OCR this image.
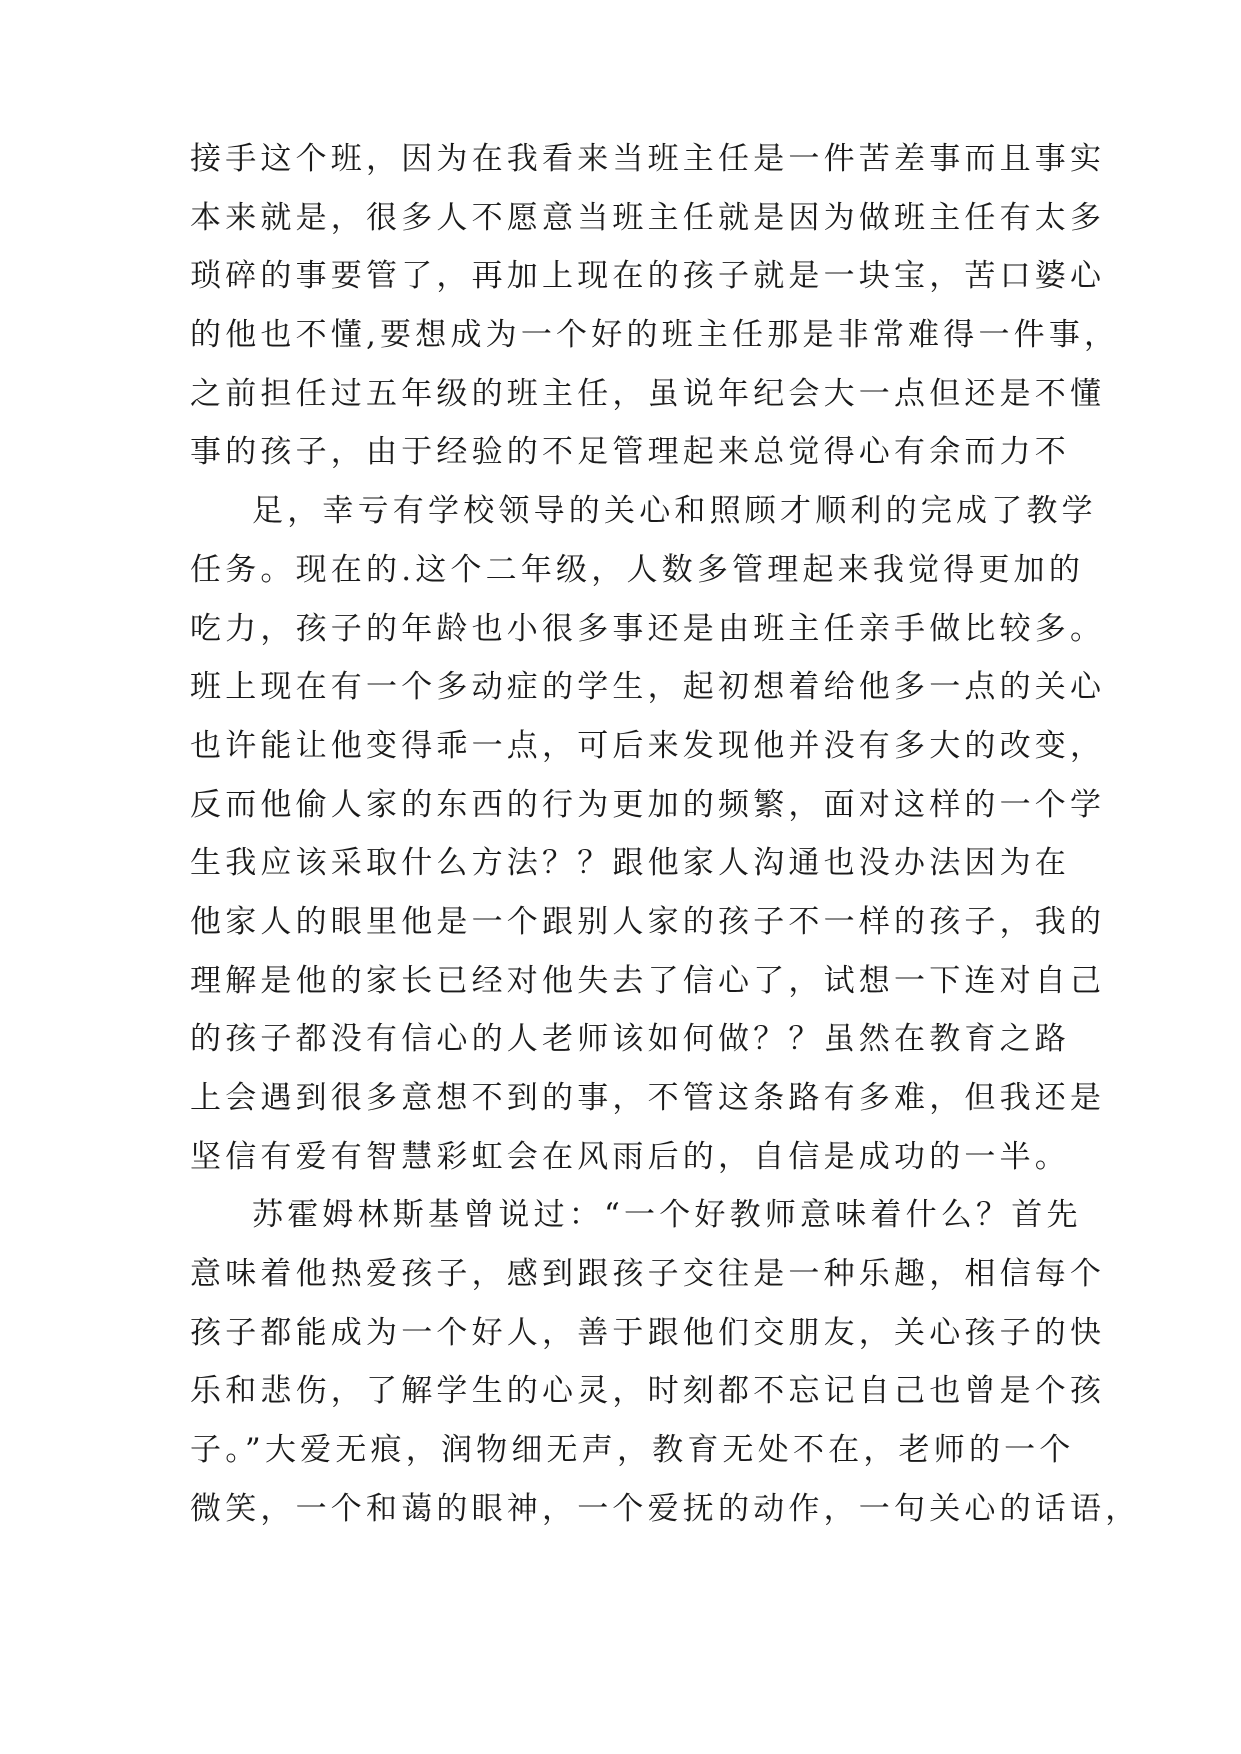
接手这个班，因为在我看来当班主任是一件苦差事而且事实
本来就是，很多人不愿意当班主任就是因为做班主任有太多
琐碎的事要管了，再加上现在的孩子就是一块宝，苦口婆心
的他也不懂,要想成为一个好的班主任那是非常难得一件事，
之前担任过五年级的班主任，虽说年纪会大一点但还是不懂
事的孩子，由于经验的不足管理起来总觉得心有余而力不
足，幸亏有学校领导的关心和照顾才顺利的完成了教学
任务。现在的.这个二年级，人数多管理起来我觉得更加的
吃力，孩子的年龄也小很多事还是由班主任亲手做比较多。
班上现在有一个多动症的学生，起初想着给他多一点的关心
也许能让他变得乖一点，可后来发现他并没有多大的改变，
反而他偷人家的东西的行为更加的频繁，面对这样的一个学
生我应该采取什么方法？？跟他家人沟通也没办法因为在
他家人的眼里他是一个跟别人家的孩子不一样的孩子，我的
理解是他的家长已经对他失去了信心了，试想一下连对自己
的孩子都没有信心的人老师该如何做？？虽然在教育之路
上会遇到很多意想不到的事，不管这条路有多难，但我还是
坚信有爱有智慧彩虹会在风雨后的，自信是成功的一半。
苏霍姆林斯基曾说过：“一个好教师意味着什么？首先
意味着他热爱孩子，感到跟孩子交往是一种乐趣，相信每个
孩子都能成为一个好人，善于跟他们交朋友，关心孩子的快
乐和悲伤，了解学生的心灵，时刻都不忘记自己也曾是个孩
子。”大爱无痕，润物细无声，教育无处不在，老师的一个
微笑，一个和蔼的眼神，一个爱抚的动作，一句关心的话语，
